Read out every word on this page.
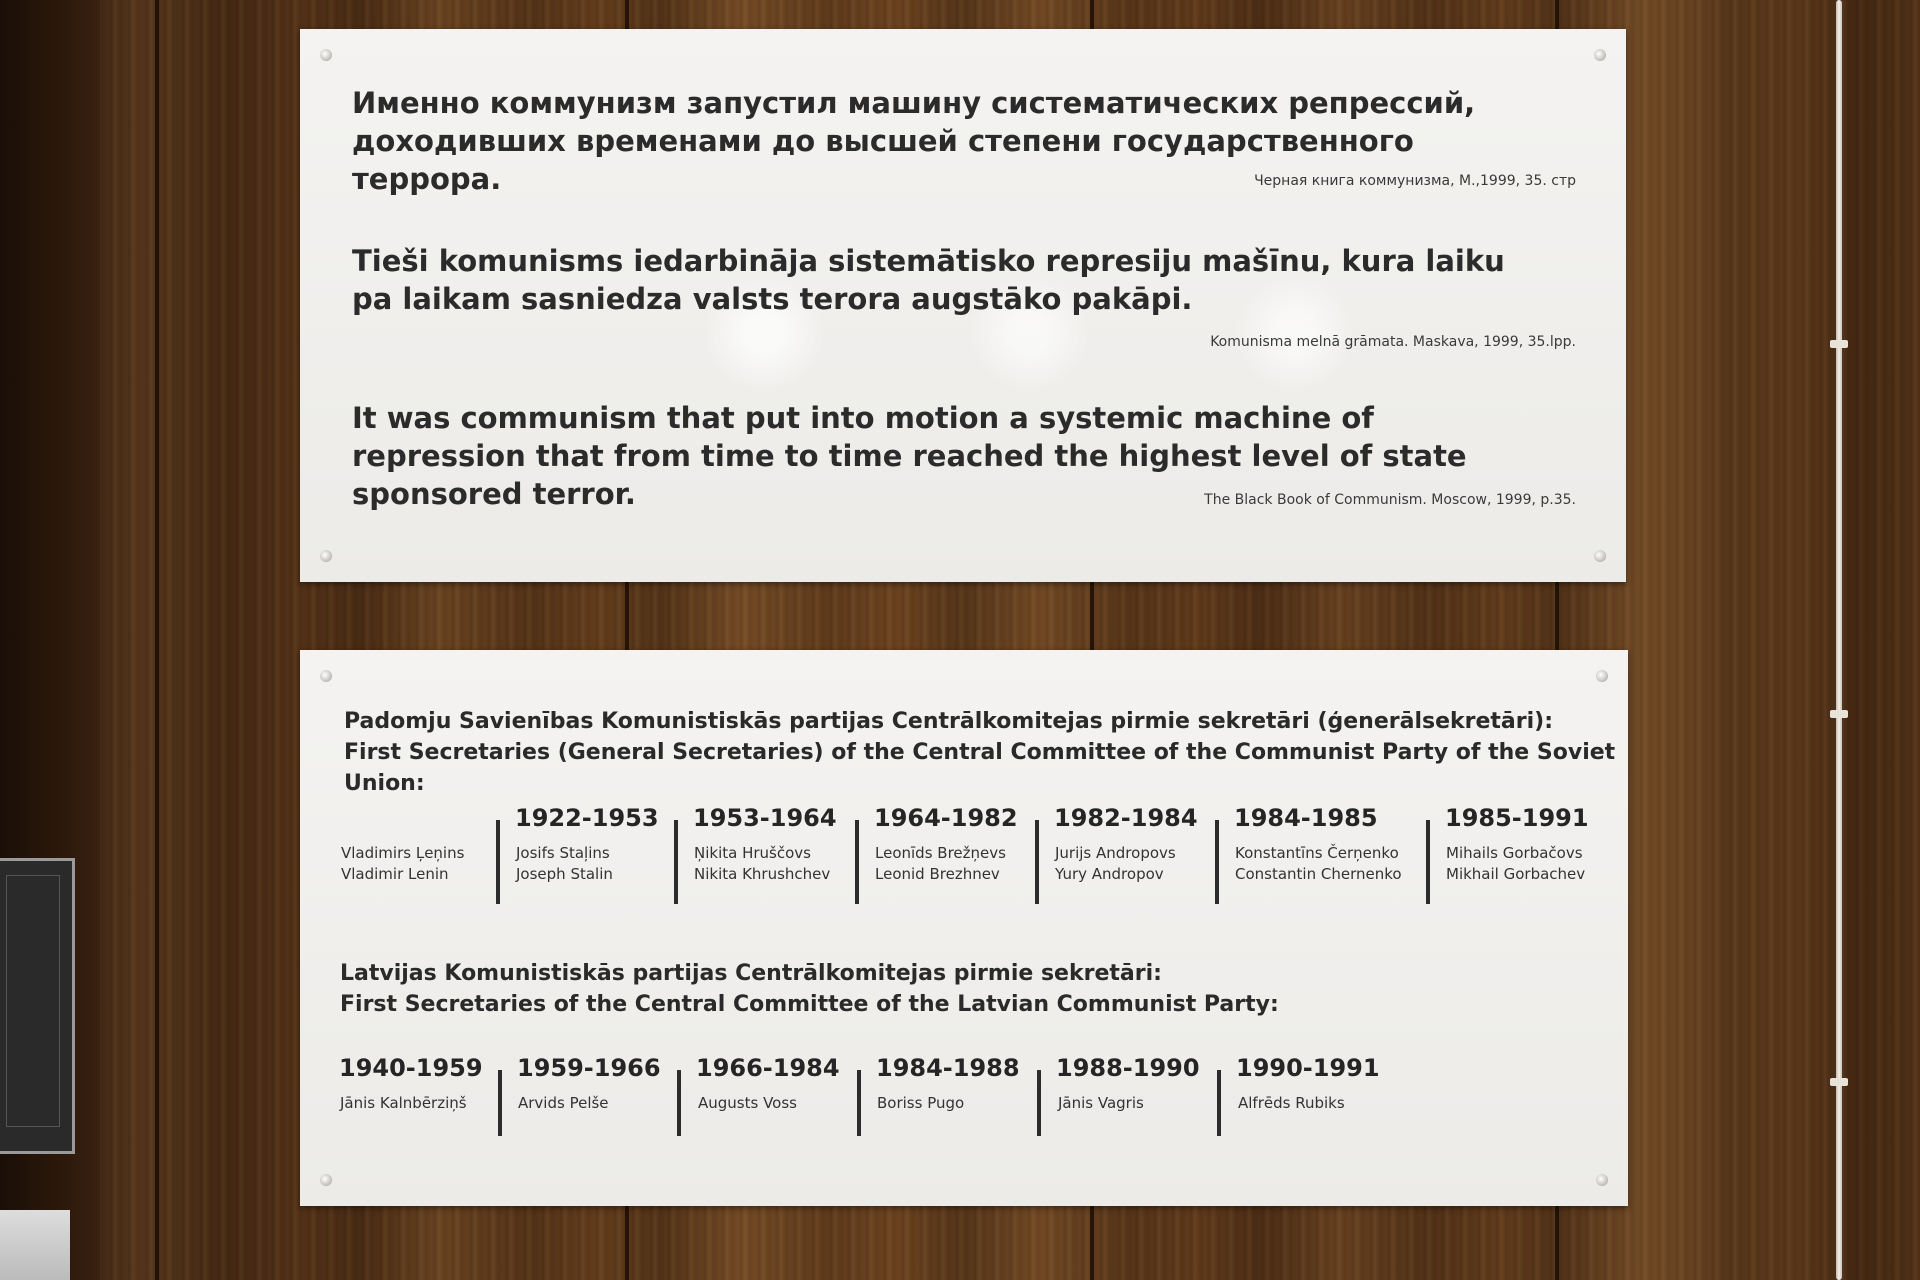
Именно коммунизм запустил машину систематических репрессий, доходивших временами до высшей степени государственного террора.	Черная книга коммунизма, М.,1999, 35. стр
Tieši komunisms iedarbināja sistemātisko represiju mašīnu, kura laiku pa laikam sasniedza valsts terora augstāko pakāpi.
Komunisma melnā grāmata. Maskava, 1999, 35.lpp.
It was communism that put into motion a systemic machine of repression that from time to time reached the highest level of state sponsored terror.	The Black Book of Communism. Moscow, 1999, p.35.
Padomju Savienības Komunistiskās partijas Centrālkomitejas pirmie sekretāri (ģenerālsekretāri):
First Secretaries (General Secretaries) of the Central Committee of the Communist Party of the Soviet Union:
Vladimirs Ļeņins
Vladimir Lenin
1922-1953
Josifs Staļins
Joseph Stalin
1953-1964
Ņikita Hruščovs
Nikita Khrushchev
1964-1982
Leonīds Brežņevs
Leonid Brezhnev
1982-1984
Jurijs Andropovs
Yury Andropov
1984-1985
Konstantīns Čerņenko
Constantin Chernenko
1985-1991
Mihails Gorbačovs
Mikhail Gorbachev
Latvijas Komunistiskās partijas Centrālkomitejas pirmie sekretāri:
First Secretaries of the Central Committee of the Latvian Communist Party:
1940-1959
Jānis Kalnbērziņš
1959-1966
Arvids Pelše
1966-1984
Augusts Voss
1984-1988
Boriss Pugo
1988-1990
Jānis Vagris
1990-1991
Alfrēds Rubiks
